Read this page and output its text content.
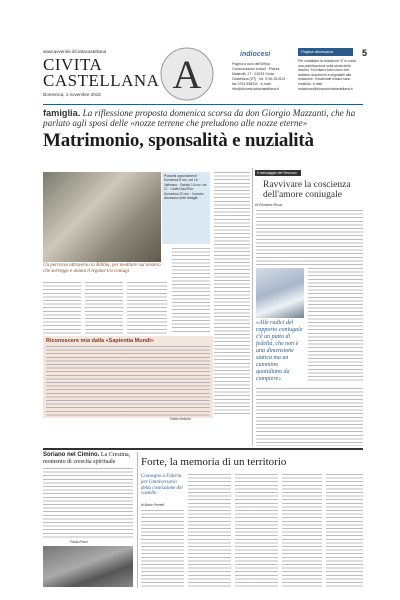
www.avvenire.it/civitacastellana
CIVITA
CASTELLANA
Domenica, 1 novembre 2015 A	indiocesi
Pagina a cura dell'Ufficio Comunicazioni sociali · Piazza Matteotti, 27 · 01033 Civita Castellana (VT) · tel. 0761.513121 · fax 0761.598311 · e-mail: info@diocesicivitacastellana.it
Pagina diocesana
Per contattare la redazione: E' in corso una pubblicazione sulla storia della diocesi. Si invitano tutti coloro che abbiano documenti a segnalarli alla redazione. Il materiale inviato sarà restituito. e-mail: redazione@diocesicivitacastellana.it
5
famiglia. La riflessione proposta domenica scorsa da don Giorgio Mazzanti, che ha parlato agli sposi delle «nozze terrene che preludono alle nozze eterne»
Matrimonio, sponsalità e nuzialità
Un percorso attraverso la Bibbia, per meditare sul mistero che sorregge e anima il legame tra coniugi
Prossimi appuntamenti · Domenica 8 nov. ore 16 · Vallerano · Sabato 14 nov. ore 17 · Castel Sant'Elia · Domenica 22 nov. · Incontro diocesano delle famiglie
Riconoscere mia dalla «Sapientia Mundi»
Fabio Arduini
Il messaggio del Vescovo
Ravvivare la coscienza dell'amore coniugale
Di Romano Rossi
«Alle radici del rapporto coniugale c'è un patto di fedeltà, che non è una dimensione statica ma un cammino quotidiano da compiere»
Soriano nel Cimino. La Cresima, momento di crescita spirituale
Paola Rossi
Forte, la memoria di un territorio
Convegno a Faleria per l'anniversario della costruzione del castello
di Mario Ferretti
